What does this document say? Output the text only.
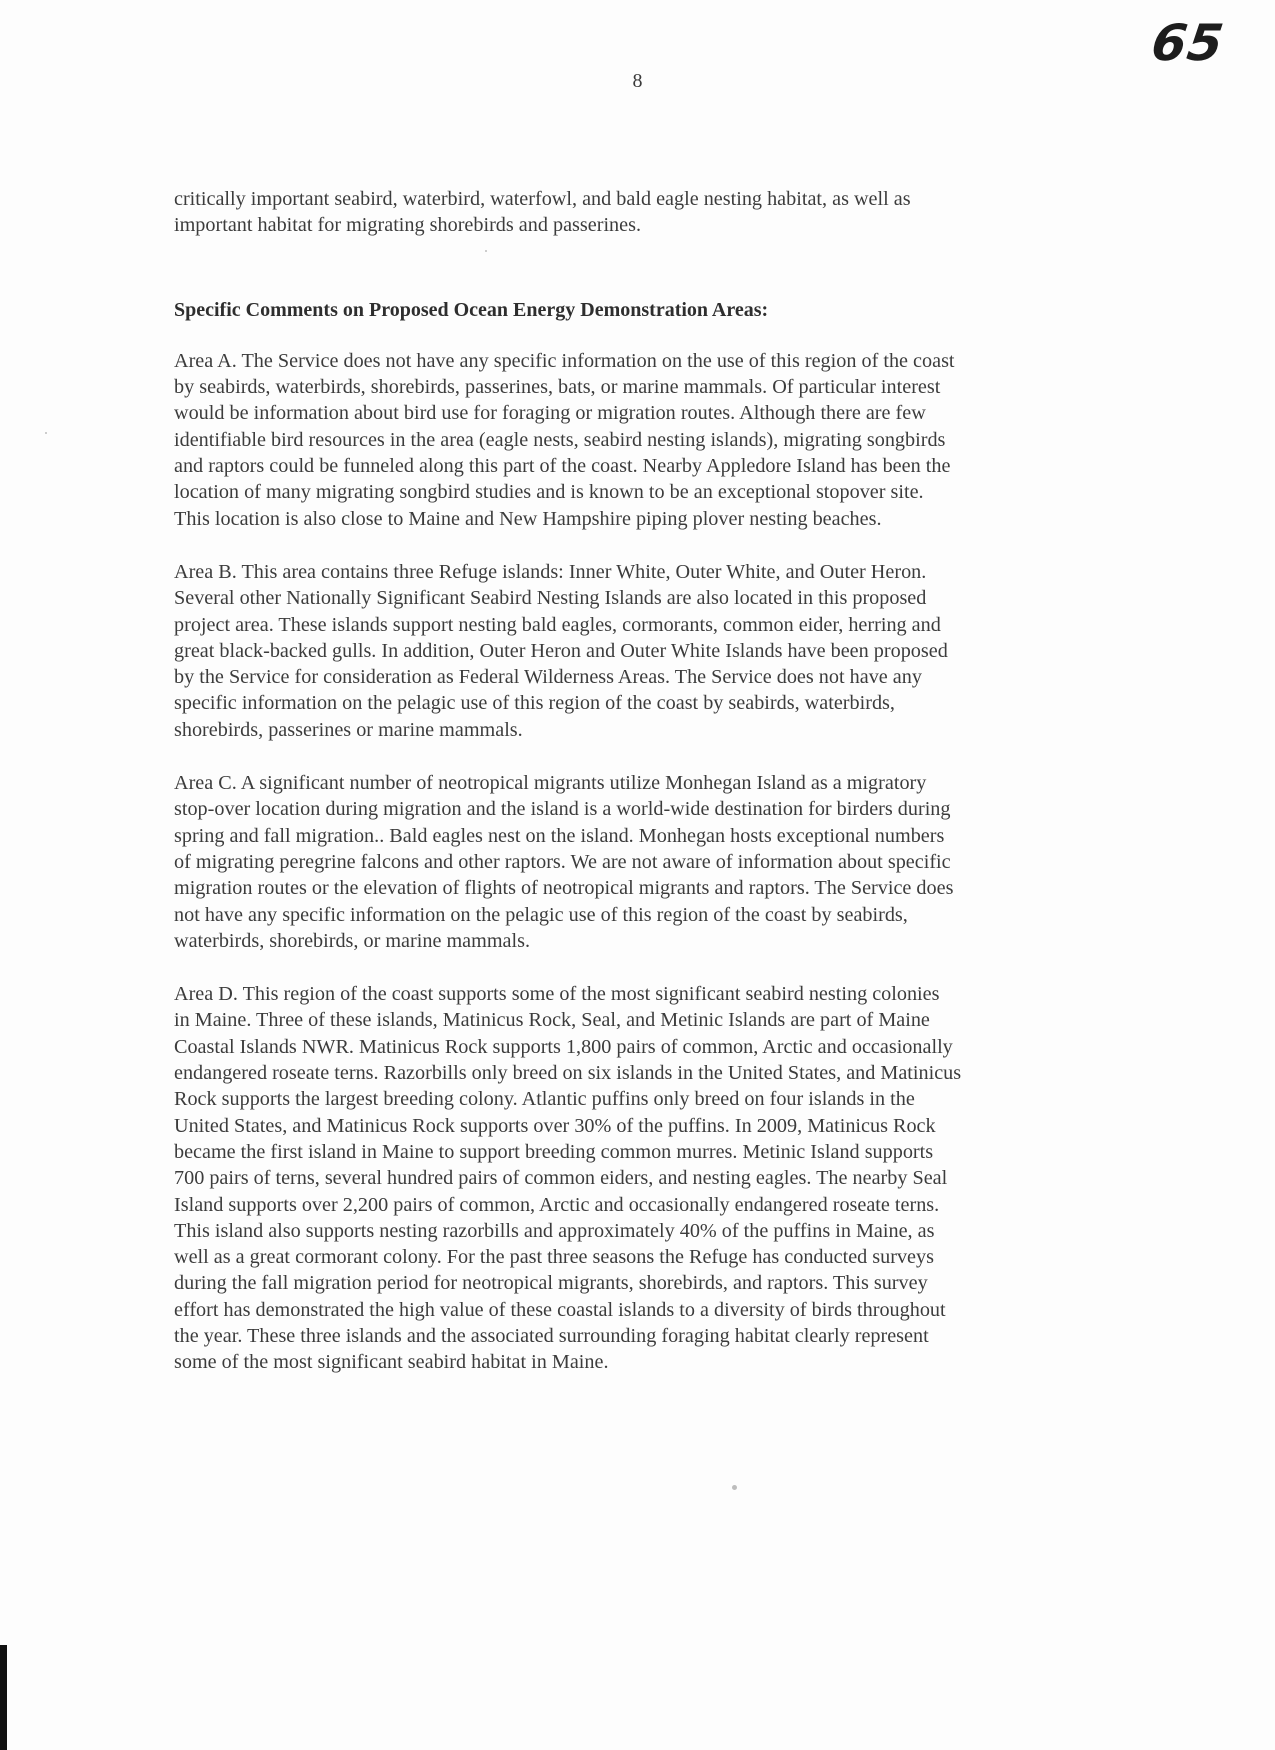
65
8

critically important seabird, waterbird, waterfowl, and bald eagle nesting habitat, as well as
important habitat for migrating shorebirds and passerines.

Specific Comments on Proposed Ocean Energy Demonstration Areas:

Area A. The Service does not have any specific information on the use of this region of the coast
by seabirds, waterbirds, shorebirds, passerines, bats, or marine mammals. Of particular interest
would be information about bird use for foraging or migration routes. Although there are few
identifiable bird resources in the area (eagle nests, seabird nesting islands), migrating songbirds
and raptors could be funneled along this part of the coast. Nearby Appledore Island has been the
location of many migrating songbird studies and is known to be an exceptional stopover site.
This location is also close to Maine and New Hampshire piping plover nesting beaches.

Area B. This area contains three Refuge islands: Inner White, Outer White, and Outer Heron.
Several other Nationally Significant Seabird Nesting Islands are also located in this proposed
project area. These islands support nesting bald eagles, cormorants, common eider, herring and
great black-backed gulls. In addition, Outer Heron and Outer White Islands have been proposed
by the Service for consideration as Federal Wilderness Areas. The Service does not have any
specific information on the pelagic use of this region of the coast by seabirds, waterbirds,
shorebirds, passerines or marine mammals.

Area C. A significant number of neotropical migrants utilize Monhegan Island as a migratory
stop-over location during migration and the island is a world-wide destination for birders during
spring and fall migration.. Bald eagles nest on the island. Monhegan hosts exceptional numbers
of migrating peregrine falcons and other raptors. We are not aware of information about specific
migration routes or the elevation of flights of neotropical migrants and raptors. The Service does
not have any specific information on the pelagic use of this region of the coast by seabirds,
waterbirds, shorebirds, or marine mammals.

Area D. This region of the coast supports some of the most significant seabird nesting colonies
in Maine. Three of these islands, Matinicus Rock, Seal, and Metinic Islands are part of Maine
Coastal Islands NWR. Matinicus Rock supports 1,800 pairs of common, Arctic and occasionally
endangered roseate terns. Razorbills only breed on six islands in the United States, and Matinicus
Rock supports the largest breeding colony. Atlantic puffins only breed on four islands in the
United States, and Matinicus Rock supports over 30% of the puffins. In 2009, Matinicus Rock
became the first island in Maine to support breeding common murres. Metinic Island supports
700 pairs of terns, several hundred pairs of common eiders, and nesting eagles. The nearby Seal
Island supports over 2,200 pairs of common, Arctic and occasionally endangered roseate terns.
This island also supports nesting razorbills and approximately 40% of the puffins in Maine, as
well as a great cormorant colony. For the past three seasons the Refuge has conducted surveys
during the fall migration period for neotropical migrants, shorebirds, and raptors. This survey
effort has demonstrated the high value of these coastal islands to a diversity of birds throughout
the year. These three islands and the associated surrounding foraging habitat clearly represent
some of the most significant seabird habitat in Maine.
